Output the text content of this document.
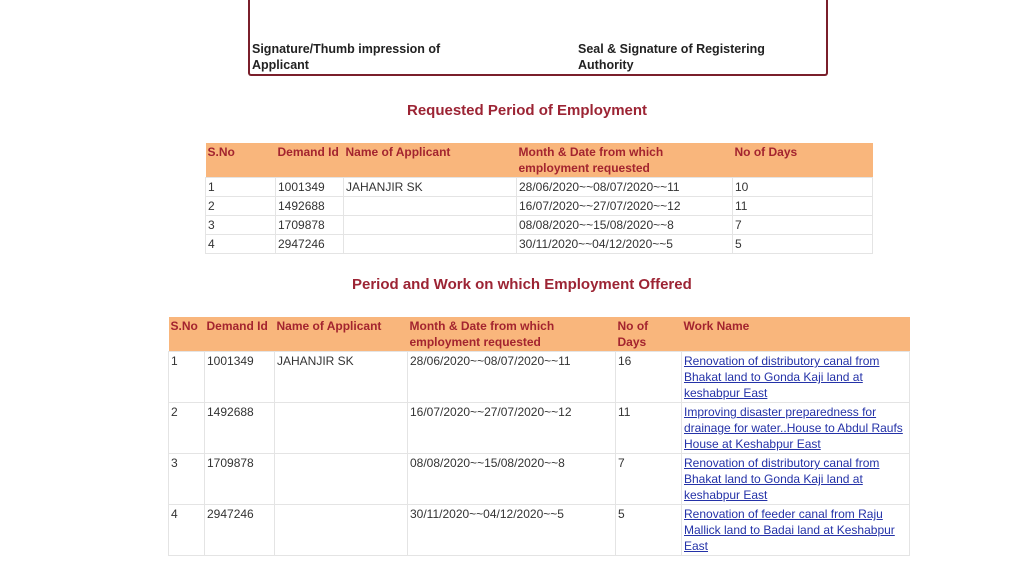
Signature/Thumb impression of Applicant
Seal & Signature of Registering Authority
Requested Period of Employment
S.No	Demand Id	Name of Applicant	Month & Date from which employment requested	No of Days
1	1001349	JAHANJIR SK	28/06/2020~~08/07/2020~~11	10
2	1492688		16/07/2020~~27/07/2020~~12	11
3	1709878		08/08/2020~~15/08/2020~~8	7
4	2947246		30/11/2020~~04/12/2020~~5	5
Period and Work on which Employment Offered
S.No	Demand Id	Name of Applicant	Month & Date from which employment requested	No of Days	Work Name
1	1001349	JAHANJIR SK	28/06/2020~~08/07/2020~~11	16	Renovation of distributory canal from Bhakat land to Gonda Kaji land at keshabpur East
2	1492688		16/07/2020~~27/07/2020~~12	11	Improving disaster preparedness for drainage for water..House to Abdul Raufs House at Keshabpur East
3	1709878		08/08/2020~~15/08/2020~~8	7	Renovation of distributory canal from Bhakat land to Gonda Kaji land at keshabpur East
4	2947246		30/11/2020~~04/12/2020~~5	5	Renovation of feeder canal from Raju Mallick land to Badai land at Keshabpur East
